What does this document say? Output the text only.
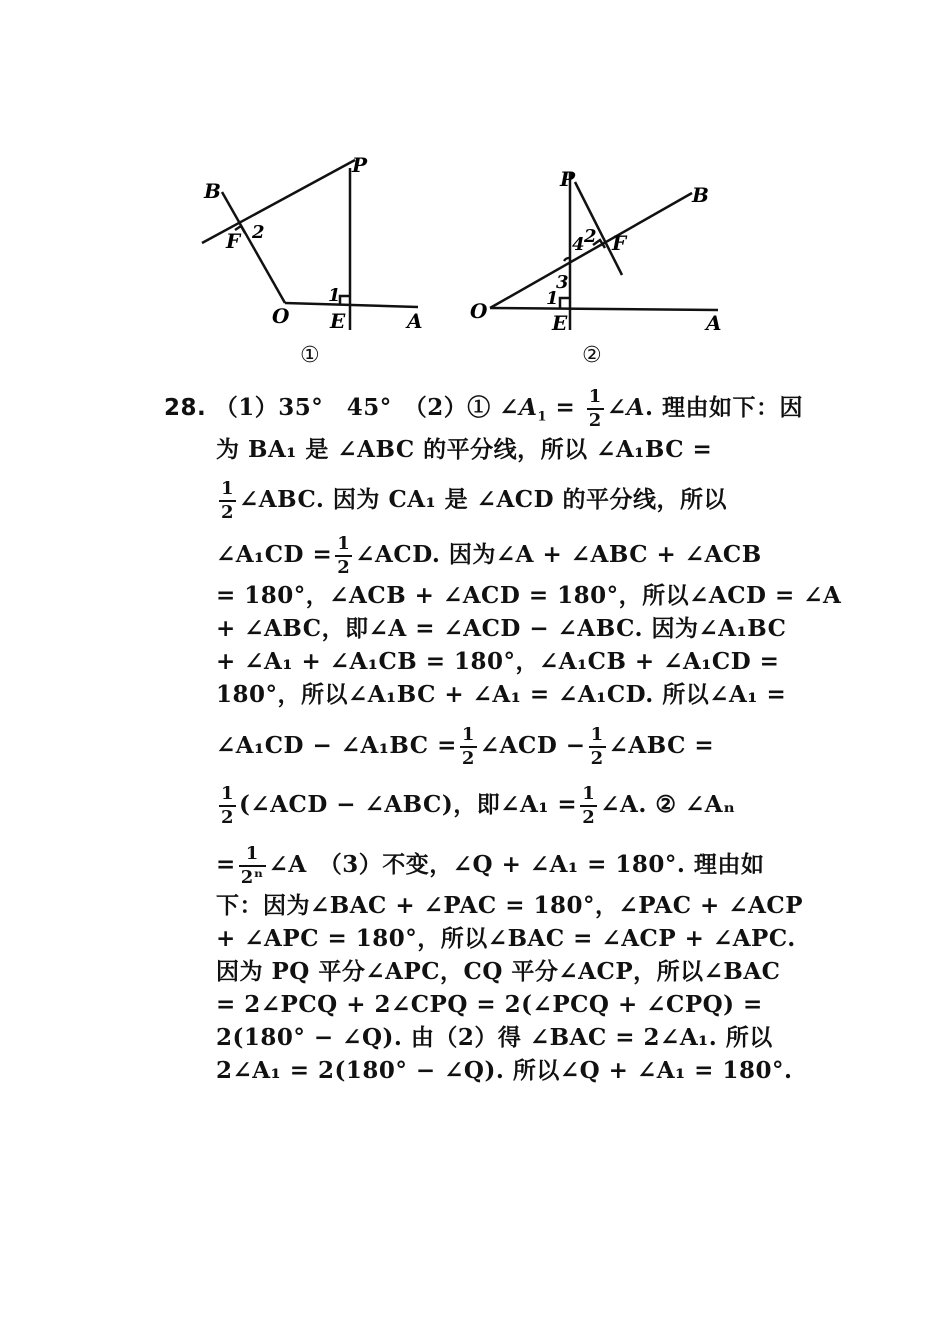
B
P
F 2
1
O E	A
①
P
B
4 2 F
3
1
O	E	A
②
28. （1）35°　45°　（2）① $\angle A_1 = \frac{1}{2}$ ∠A. 理由如下：因
为 BA₁ 是 ∠ABC 的平分线，所以 ∠A₁BC =
$\frac{1}{2}$ ∠ABC. 因为 CA₁ 是 ∠ACD 的平分线，所以
∠A₁CD = $\frac{1}{2}$ ∠ACD. 因为∠A + ∠ABC + ∠ACB
= 180°，∠ACB + ∠ACD = 180°，所以∠ACD = ∠A
+ ∠ABC，即∠A = ∠ACD − ∠ABC. 因为∠A₁BC
+ ∠A₁ + ∠A₁CB = 180°，∠A₁CB + ∠A₁CD =
180°，所以∠A₁BC + ∠A₁ = ∠A₁CD. 所以∠A₁ =
∠A₁CD − ∠A₁BC = $\frac{1}{2}$ ∠ACD − $\frac{1}{2}$ ∠ABC =
$\frac{1}{2}$ (∠ACD − ∠ABC)，即∠A₁ = $\frac{1}{2}$ ∠A. ② ∠Aₙ
= $\frac{1}{\text{2ⁿ}}$ ∠A　（3）不变，∠Q + ∠A₁ = 180°. 理由如
下：因为∠BAC + ∠PAC = 180°，∠PAC + ∠ACP
+ ∠APC = 180°，所以∠BAC = ∠ACP + ∠APC.
因为 PQ 平分∠APC，CQ 平分∠ACP，所以∠BAC
= 2∠PCQ + 2∠CPQ = 2(∠PCQ + ∠CPQ) =
2(180° − ∠Q). 由（2）得 ∠BAC = 2∠A₁. 所以
2∠A₁ = 2(180° − ∠Q). 所以∠Q + ∠A₁ = 180°.
